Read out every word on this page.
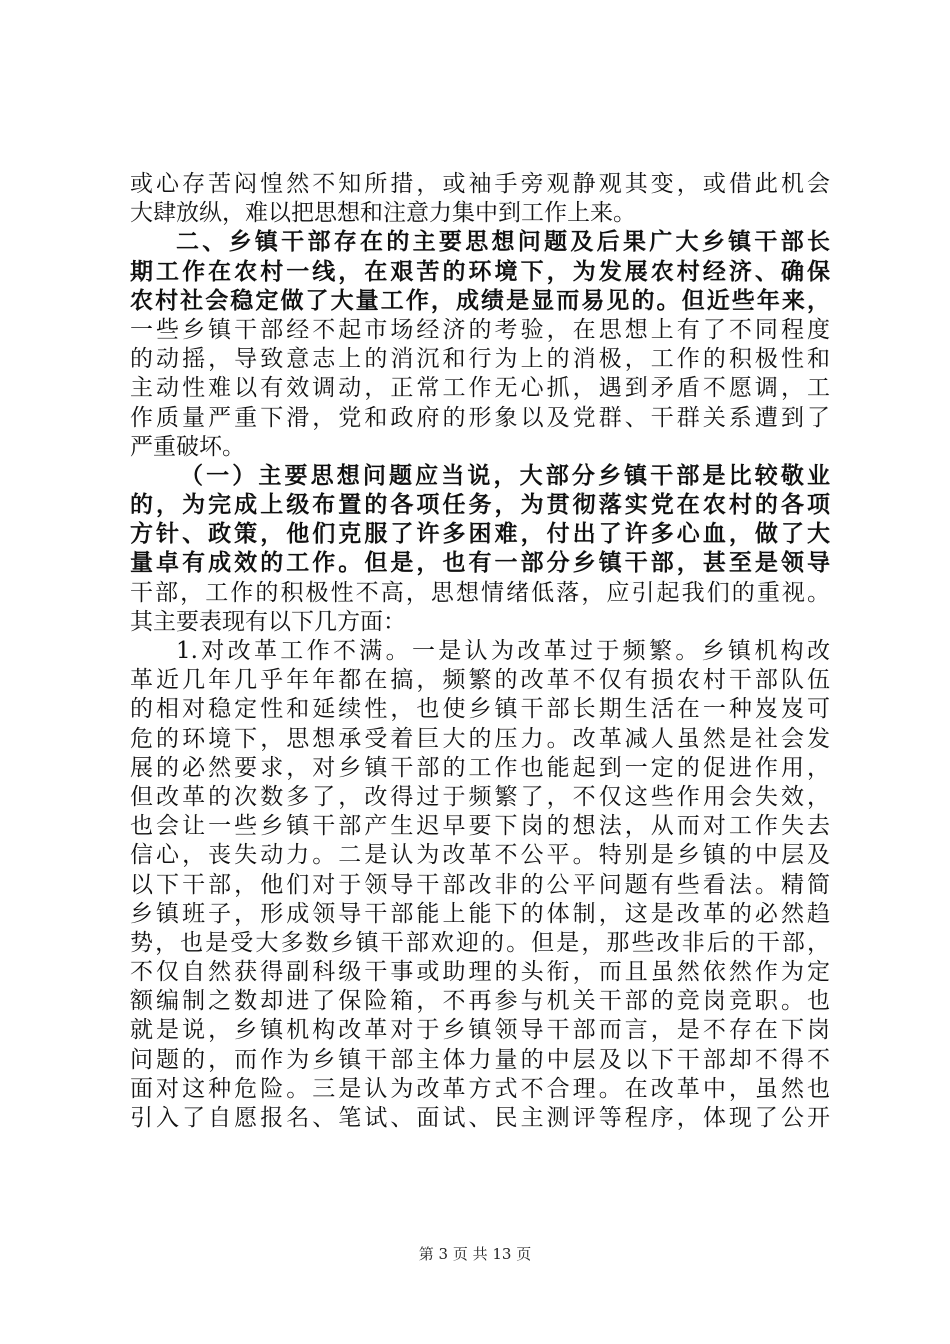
或心存苦闷惶然不知所措，或袖手旁观静观其变，或借此机会
大肆放纵，难以把思想和注意力集中到工作上来。
二、乡镇干部存在的主要思想问题及后果广大乡镇干部长
期工作在农村一线，在艰苦的环境下，为发展农村经济、确保
农村社会稳定做了大量工作，成绩是显而易见的。但近些年来，
一些乡镇干部经不起市场经济的考验，在思想上有了不同程度
的动摇，导致意志上的消沉和行为上的消极，工作的积极性和
主动性难以有效调动，正常工作无心抓，遇到矛盾不愿调，工
作质量严重下滑，党和政府的形象以及党群、干群关系遭到了
严重破坏。
（一）主要思想问题应当说，大部分乡镇干部是比较敬业
的，为完成上级布置的各项任务，为贯彻落实党在农村的各项
方针、政策，他们克服了许多困难，付出了许多心血，做了大
量卓有成效的工作。但是，也有一部分乡镇干部，甚至是领导
干部，工作的积极性不高，思想情绪低落，应引起我们的重视。
其主要表现有以下几方面：
1.对改革工作不满。一是认为改革过于频繁。乡镇机构改
革近几年几乎年年都在搞，频繁的改革不仅有损农村干部队伍
的相对稳定性和延续性，也使乡镇干部长期生活在一种岌岌可
危的环境下，思想承受着巨大的压力。改革减人虽然是社会发
展的必然要求，对乡镇干部的工作也能起到一定的促进作用，
但改革的次数多了，改得过于频繁了，不仅这些作用会失效，
也会让一些乡镇干部产生迟早要下岗的想法，从而对工作失去
信心，丧失动力。二是认为改革不公平。特别是乡镇的中层及
以下干部，他们对于领导干部改非的公平问题有些看法。精简
乡镇班子，形成领导干部能上能下的体制，这是改革的必然趋
势，也是受大多数乡镇干部欢迎的。但是，那些改非后的干部，
不仅自然获得副科级干事或助理的头衔，而且虽然依然作为定
额编制之数却进了保险箱，不再参与机关干部的竞岗竞职。也
就是说，乡镇机构改革对于乡镇领导干部而言，是不存在下岗
问题的，而作为乡镇干部主体力量的中层及以下干部却不得不
面对这种危险。三是认为改革方式不合理。在改革中，虽然也
引入了自愿报名、笔试、面试、民主测评等程序，体现了公开
第 3 页 共 13 页
